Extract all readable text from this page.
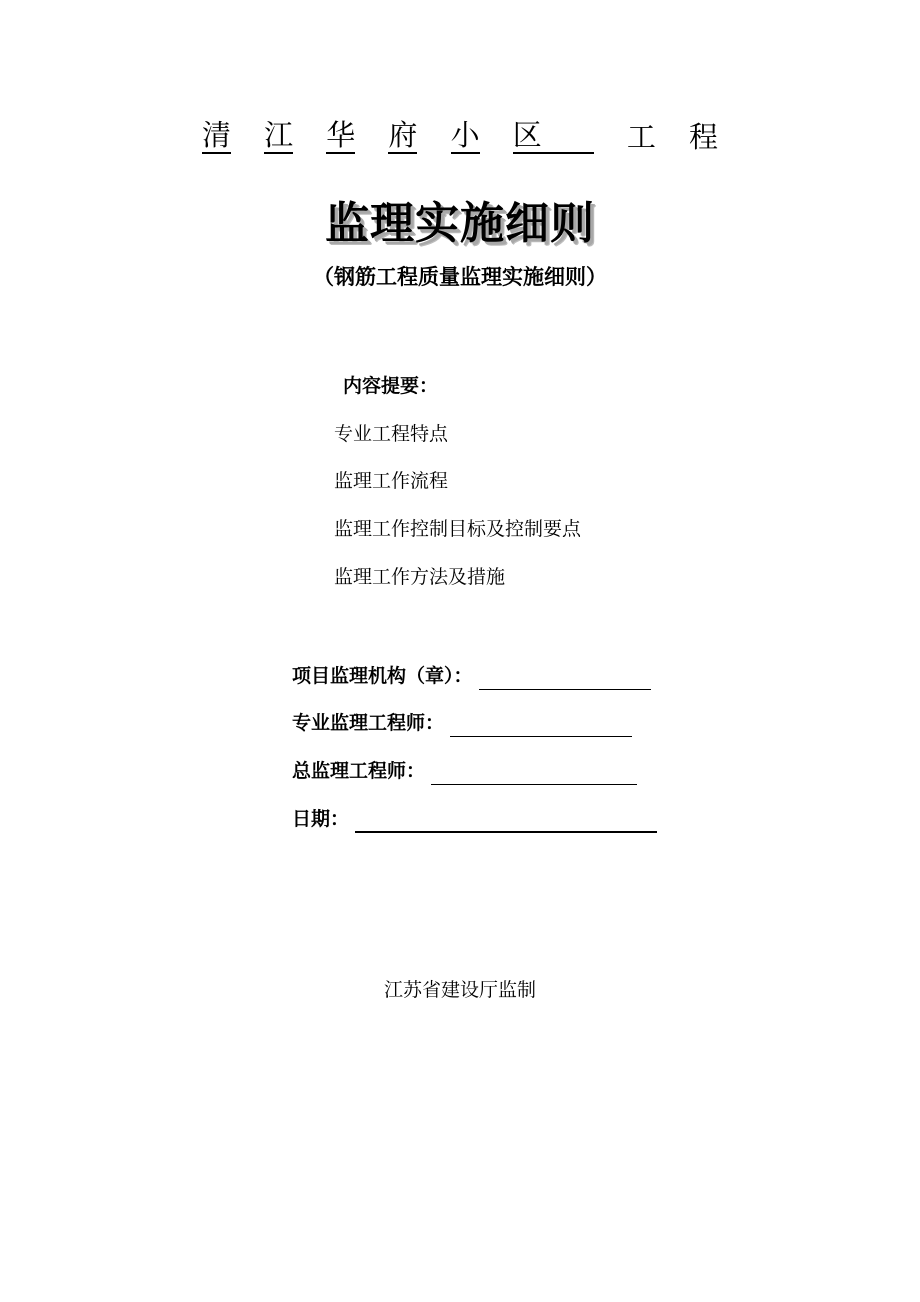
清 江 华 府 小 区	工 程
监理实施细则
（钢筋工程质量监理实施细则）
内容提要：
专业工程特点
监理工作流程
监理工作控制目标及控制要点
监理工作方法及措施
项目监理机构（章）：
专业监理工程师：
总监理工程师：
日期：
江苏省建设厅监制
